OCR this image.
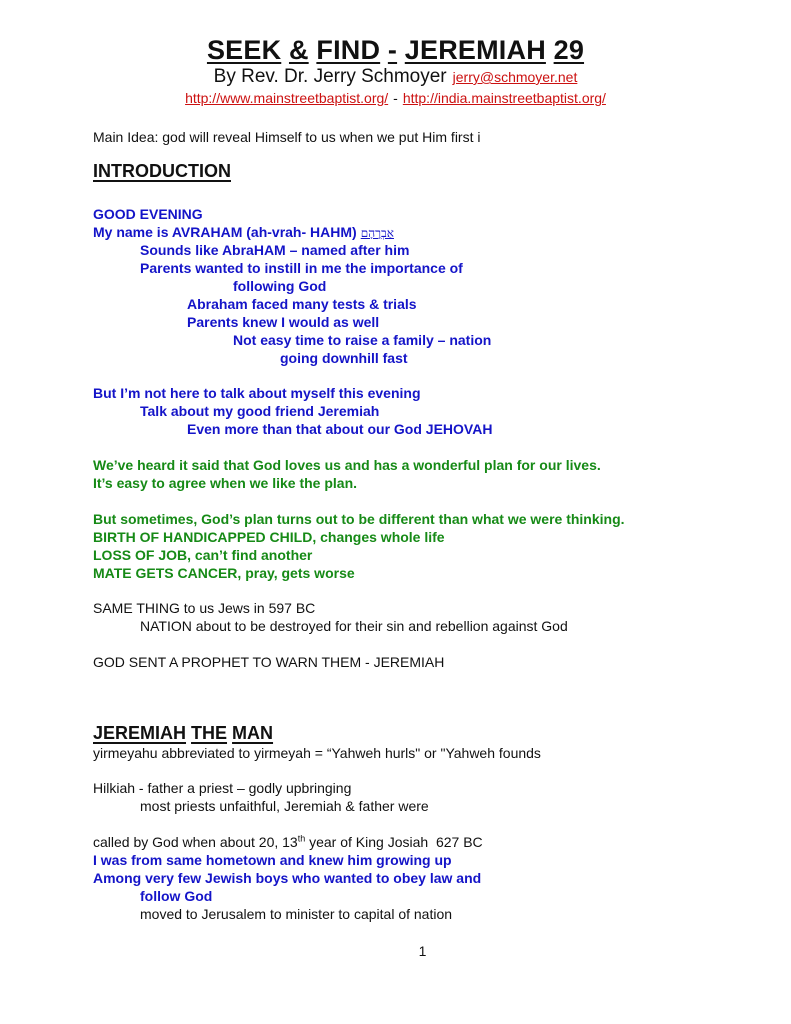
SEEK & FIND - JEREMIAH 29
By Rev. Dr. Jerry Schmoyer jerry@schmoyer.net
http://www.mainstreetbaptist.org/ - http://india.mainstreetbaptist.org/
Main Idea: god will reveal Himself to us when we put Him first i
INTRODUCTION
GOOD EVENING
My name is AVRAHAM (ah-vrah- HAHM) אַבְרָהָם
Sounds like AbraHAM – named after him
Parents wanted to instill in me the importance of
following God
Abraham faced many tests & trials
Parents knew I would as well
Not easy time to raise a family – nation
going downhill fast
But I’m not here to talk about myself this evening
Talk about my good friend Jeremiah
Even more than that about our God JEHOVAH
We’ve heard it said that God loves us and has a wonderful plan for our lives.
It’s easy to agree when we like the plan.
But sometimes, God’s plan turns out to be different than what we were thinking.
BIRTH OF HANDICAPPED CHILD, changes whole life
LOSS OF JOB, can’t find another
MATE GETS CANCER, pray, gets worse
SAME THING to us Jews in 597 BC
NATION about to be destroyed for their sin and rebellion against God
GOD SENT A PROPHET TO WARN THEM - JEREMIAH
JEREMIAH THE MAN
yirmeyahu abbreviated to yirmeyah = “Yahweh hurls" or "Yahweh founds
Hilkiah - father a priest – godly upbringing
most priests unfaithful, Jeremiah & father were
called by God when about 20, 13th year of King Josiah  627 BC
I was from same hometown and knew him growing up
Among very few Jewish boys who wanted to obey law and
follow God
moved to Jerusalem to minister to capital of nation
1
